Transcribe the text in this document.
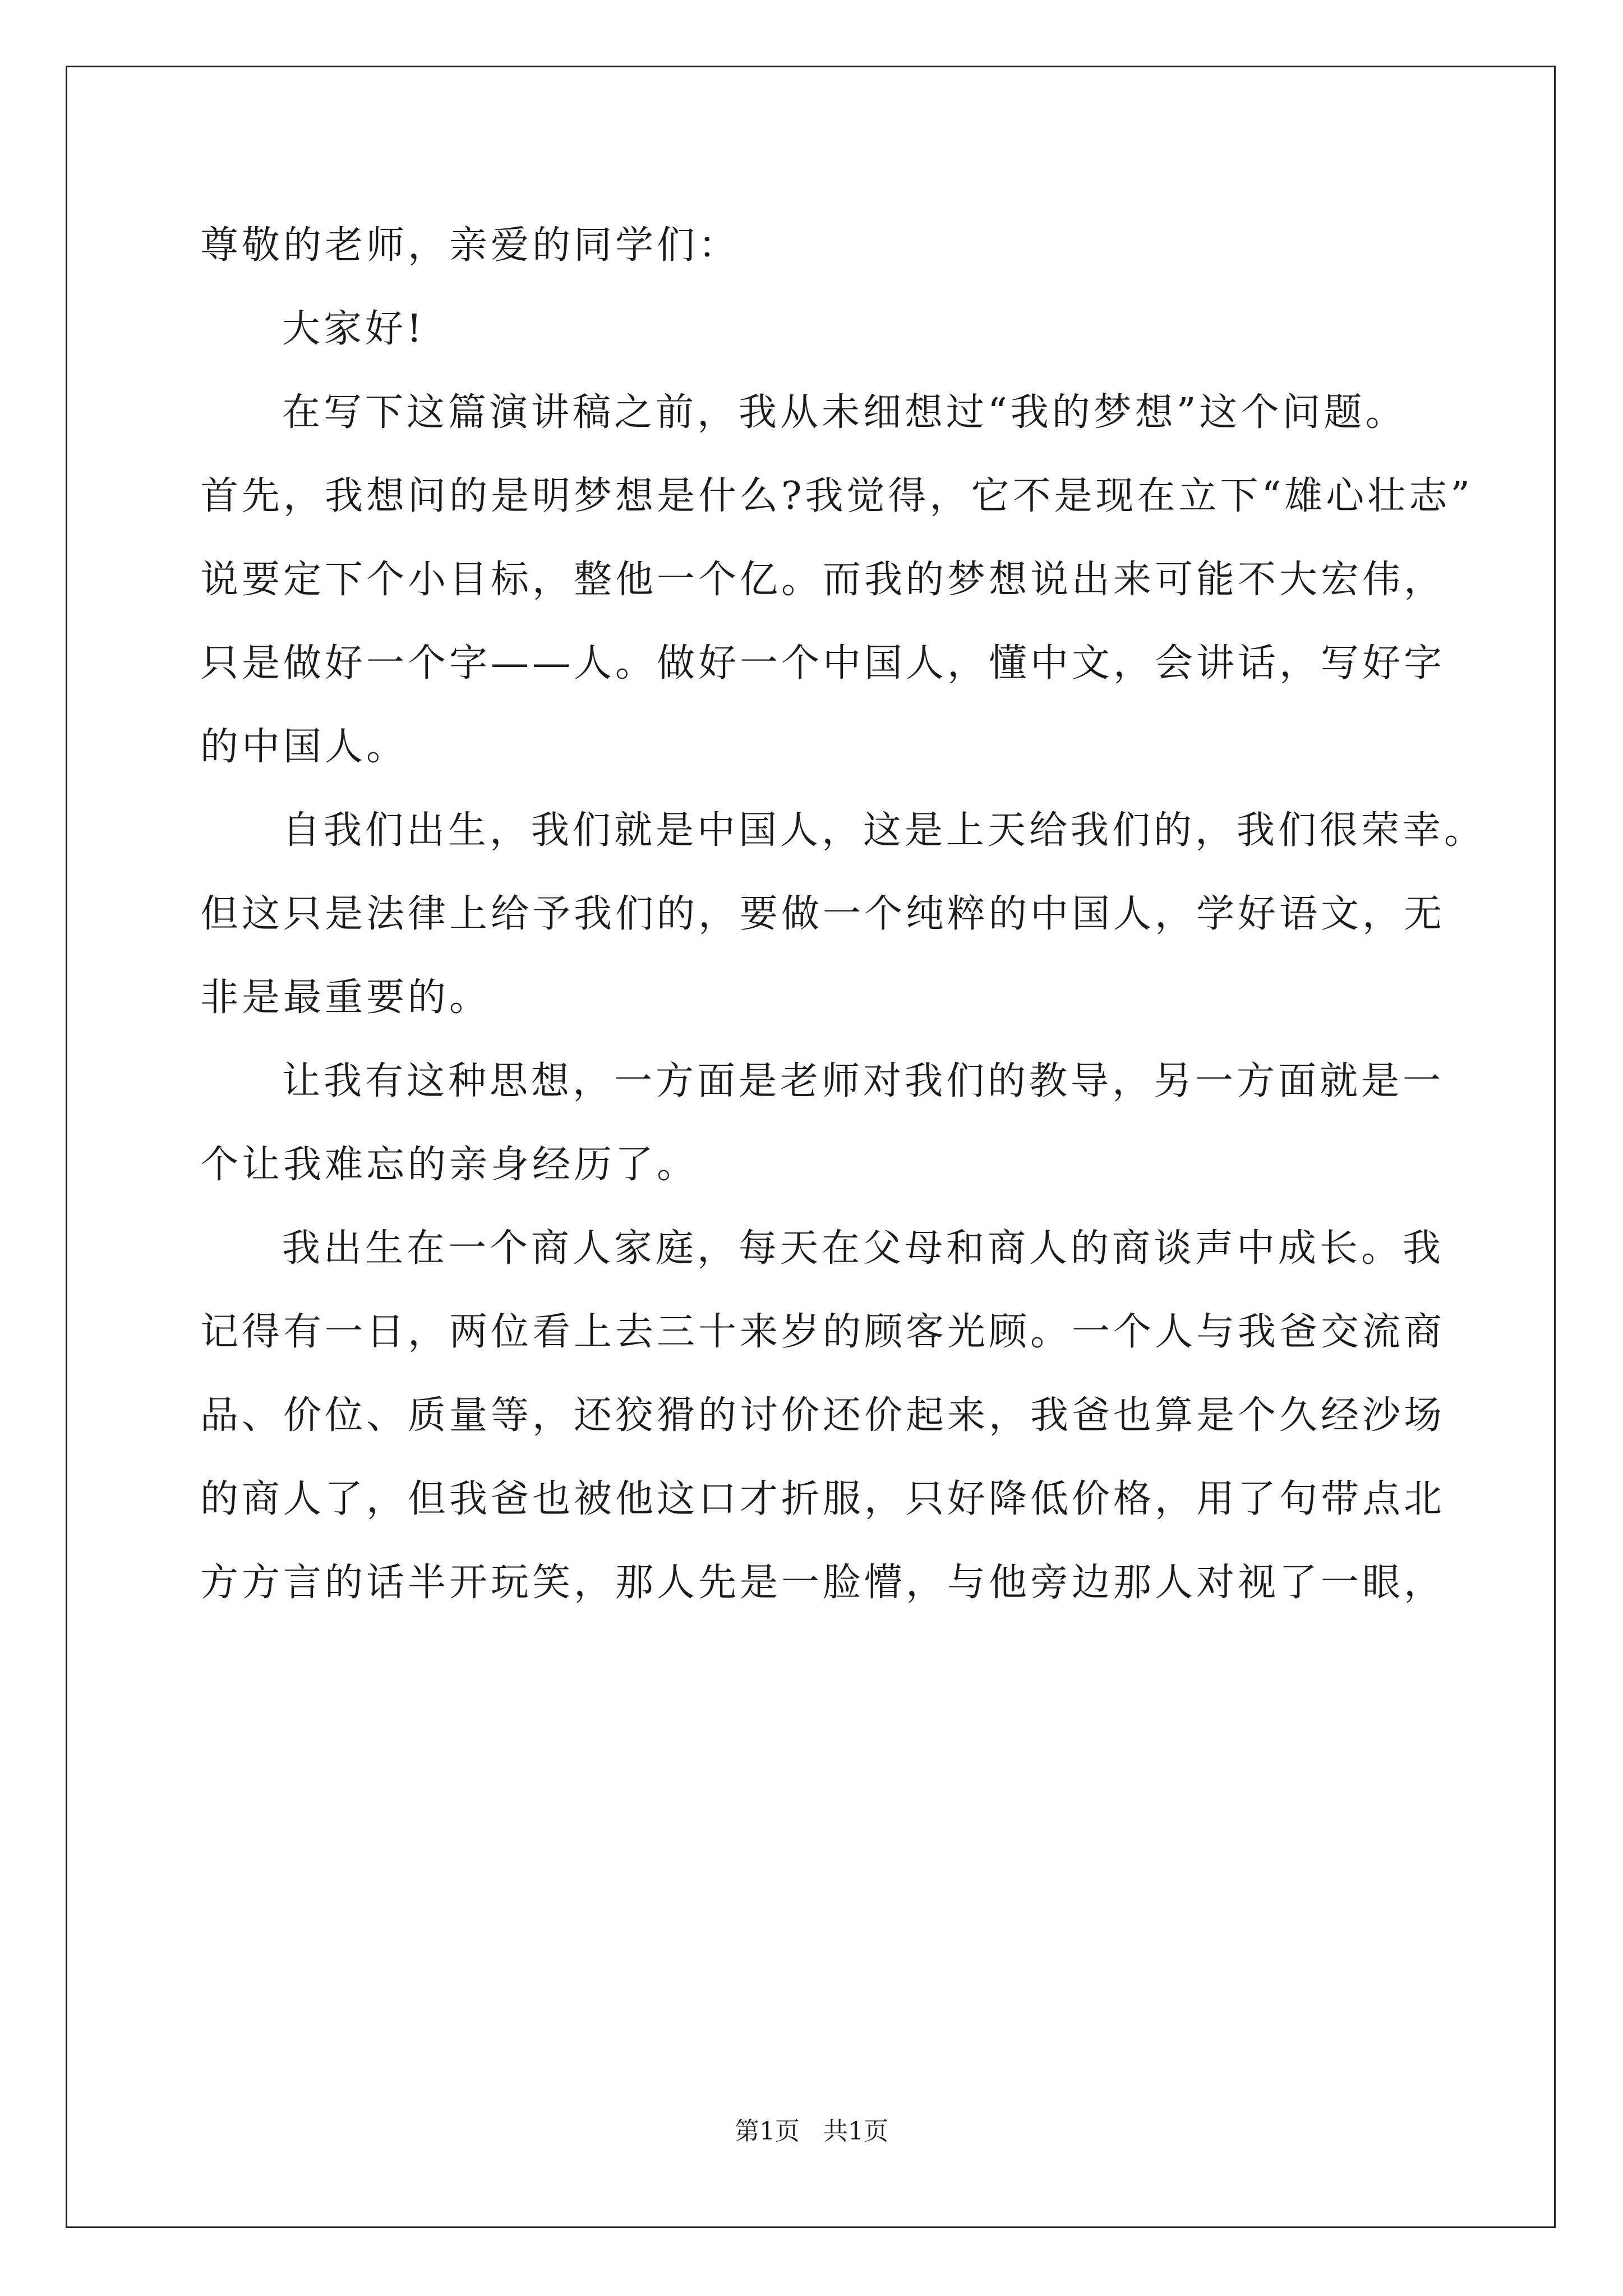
尊敬的老师，亲爱的同学们：
大家好!
在写下这篇演讲稿之前，我从未细想过“我的梦想”这个问题。
首先，我想问的是明梦想是什么?我觉得，它不是现在立下“雄心壮志”
说要定下个小目标，整他一个亿。而我的梦想说出来可能不大宏伟，
只是做好一个字——人。做好一个中国人，懂中文，会讲话，写好字
的中国人。
自我们出生，我们就是中国人，这是上天给我们的，我们很荣幸。
但这只是法律上给予我们的，要做一个纯粹的中国人，学好语文，无
非是最重要的。
让我有这种思想，一方面是老师对我们的教导，另一方面就是一
个让我难忘的亲身经历了。
我出生在一个商人家庭，每天在父母和商人的商谈声中成长。我
记得有一日，两位看上去三十来岁的顾客光顾。一个人与我爸交流商
品、价位、质量等，还狡猾的讨价还价起来，我爸也算是个久经沙场
的商人了，但我爸也被他这口才折服，只好降低价格，用了句带点北
方方言的话半开玩笑，那人先是一脸懵，与他旁边那人对视了一眼，
第1页   共1页
